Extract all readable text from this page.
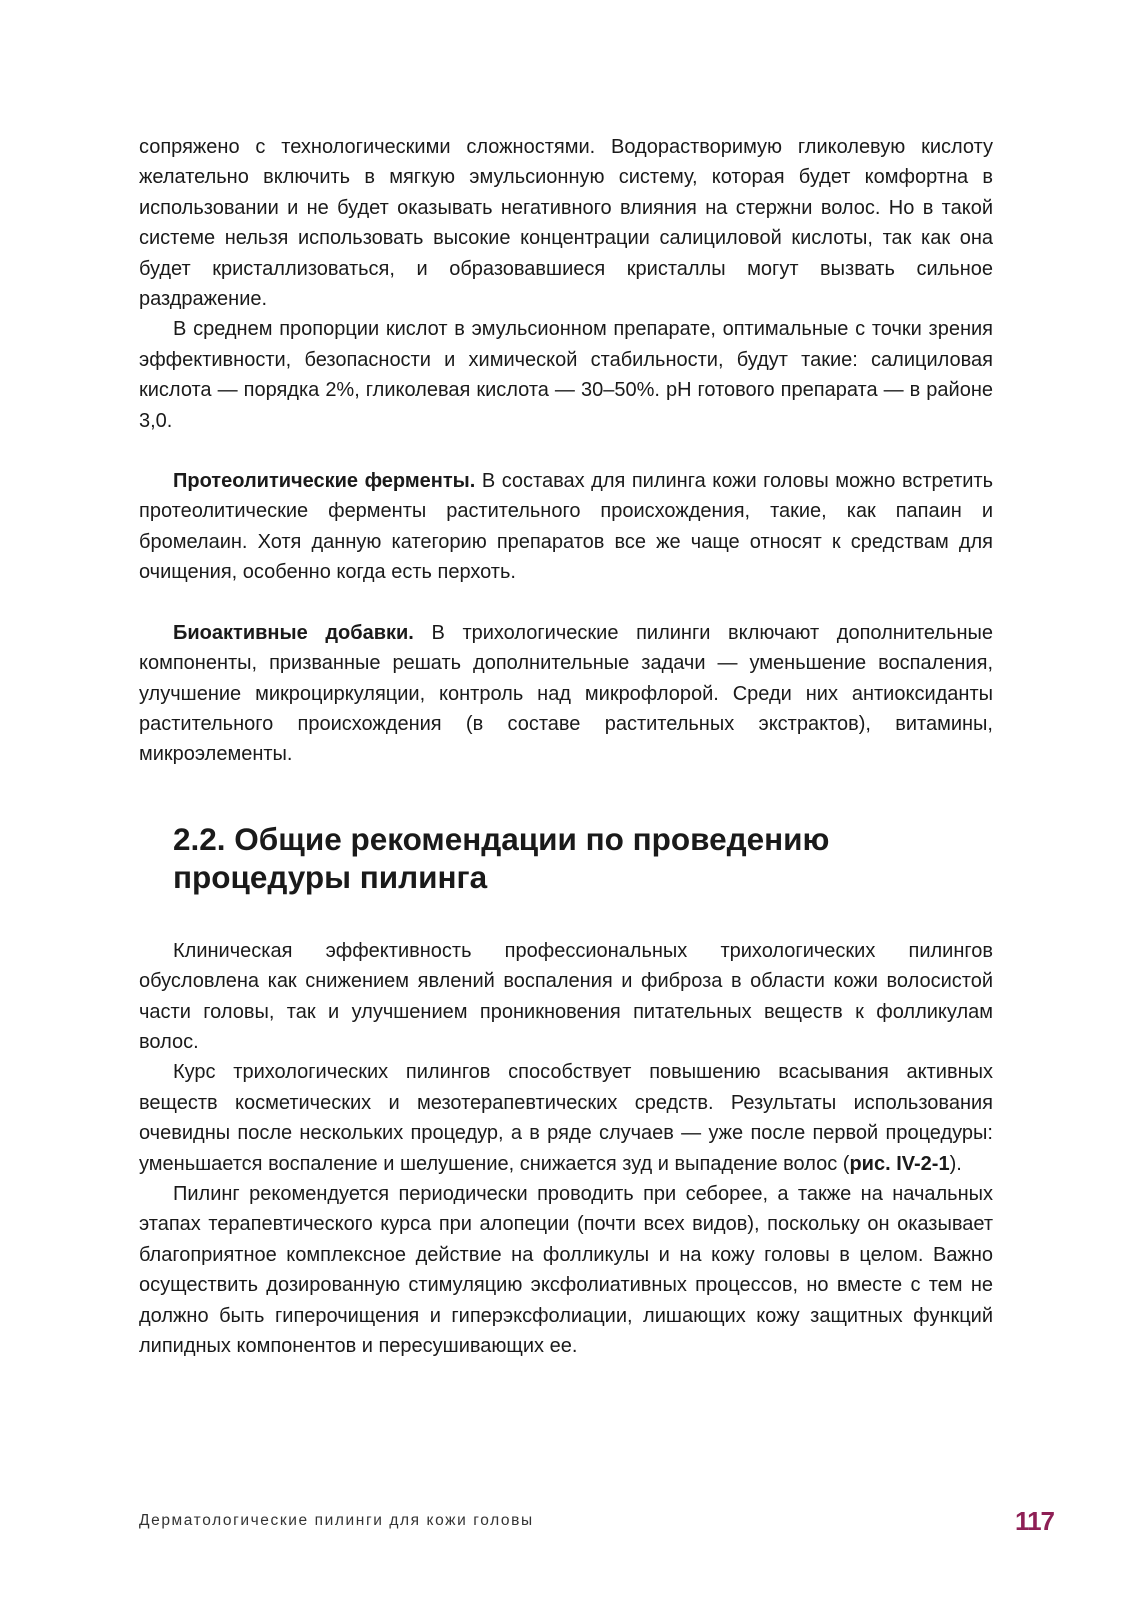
сопряжено с технологическими сложностями. Водорастворимую гликолевую кислоту желательно включить в мягкую эмульсионную систему, которая будет комфортна в использовании и не будет оказывать негативного влияния на стержни волос. Но в такой системе нельзя использовать высокие концентрации салициловой кислоты, так как она будет кристаллизоваться, и образовавшиеся кристаллы могут вызвать сильное раздражение.

В среднем пропорции кислот в эмульсионном препарате, оптимальные с точки зрения эффективности, безопасности и химической стабильности, будут такие: салициловая кислота — порядка 2%, гликолевая кислота — 30–50%. pH готового препарата — в районе 3,0.

Протеолитические ферменты. В составах для пилинга кожи головы можно встретить протеолитические ферменты растительного происхождения, такие, как папаин и бромелаин. Хотя данную категорию препаратов все же чаще относят к средствам для очищения, особенно когда есть перхоть.

Биоактивные добавки. В трихологические пилинги включают дополнительные компоненты, призванные решать дополнительные задачи — уменьшение воспаления, улучшение микроциркуляции, контроль над микрофлорой. Среди них антиоксиданты растительного происхождения (в составе растительных экстрактов), витамины, микроэлементы.

2.2. Общие рекомендации по проведению
процедуры пилинга

Клиническая эффективность профессиональных трихологических пилингов обусловлена как снижением явлений воспаления и фиброза в области кожи волосистой части головы, так и улучшением проникновения питательных веществ к фолликулам волос.

Курс трихологических пилингов способствует повышению всасывания активных веществ косметических и мезотерапевтических средств. Результаты использования очевидны после нескольких процедур, а в ряде случаев — уже после первой процедуры: уменьшается воспаление и шелушение, снижается зуд и выпадение волос (рис. IV-2-1).

Пилинг рекомендуется периодически проводить при себорее, а также на начальных этапах терапевтического курса при алопеции (почти всех видов), поскольку он оказывает благоприятное комплексное действие на фолликулы и на кожу головы в целом. Важно осуществить дозированную стимуляцию эксфолиативных процессов, но вместе с тем не должно быть гиперочищения и гиперэксфолиации, лишающих кожу защитных функций липидных компонентов и пересушивающих ее.

Дерматологические пилинги для кожи головы	117
